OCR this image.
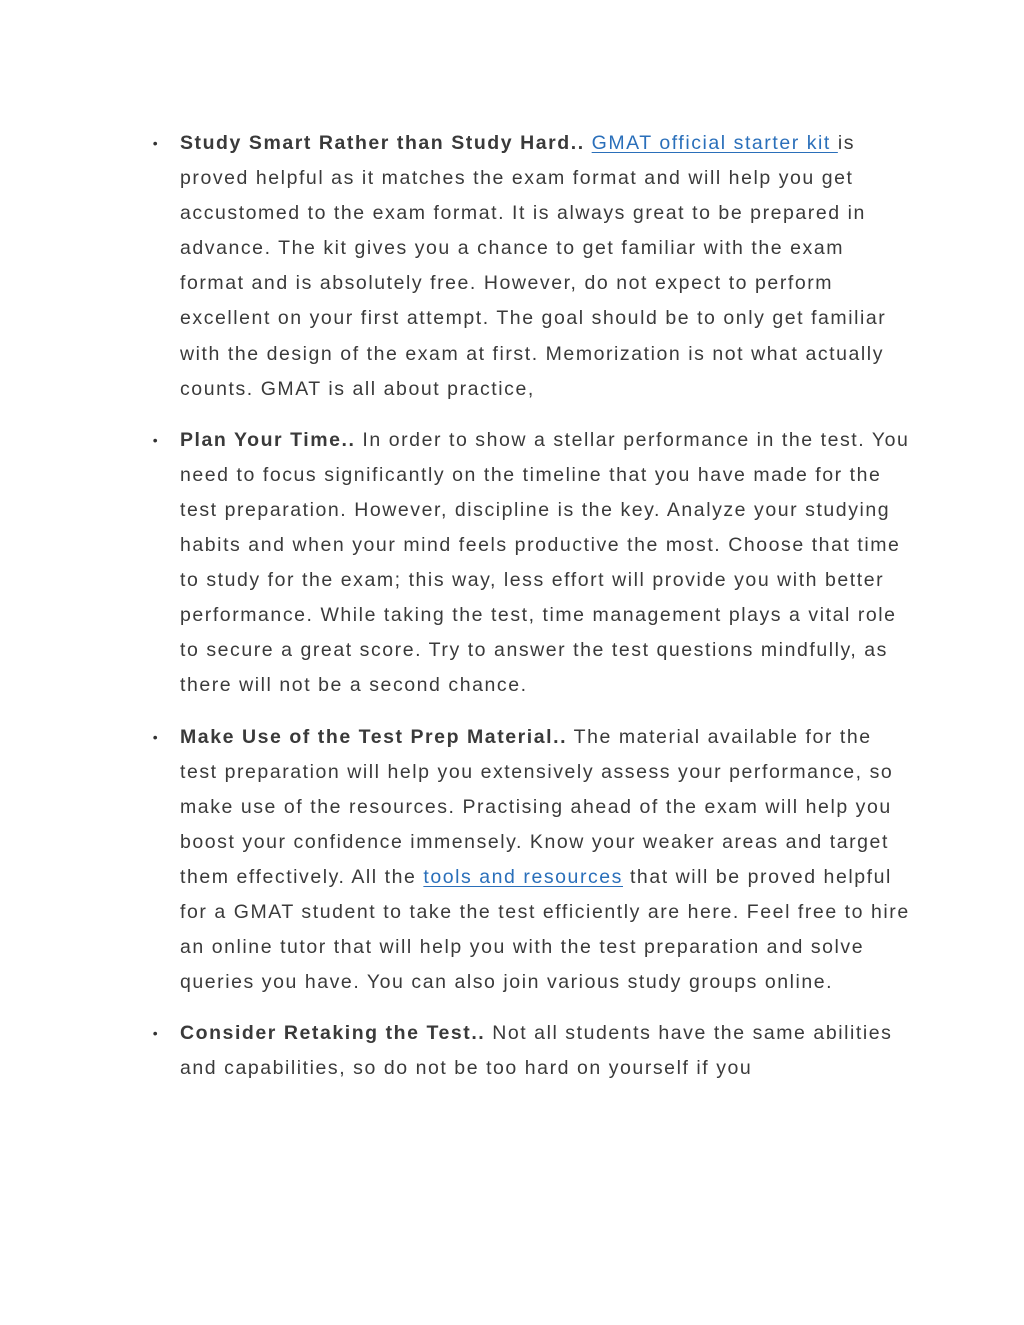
• Study Smart Rather than Study Hard.. GMAT official starter kit is proved helpful as it matches the exam format and will help you get accustomed to the exam format. It is always great to be prepared in advance. The kit gives you a chance to get familiar with the exam format and is absolutely free. However, do not expect to perform excellent on your first attempt. The goal should be to only get familiar with the design of the exam at first. Memorization is not what actually counts. GMAT is all about practice,
• Plan Your Time.. In order to show a stellar performance in the test. You need to focus significantly on the timeline that you have made for the test preparation. However, discipline is the key. Analyze your studying habits and when your mind feels productive the most. Choose that time to study for the exam; this way, less effort will provide you with better performance. While taking the test, time management plays a vital role to secure a great score. Try to answer the test questions mindfully, as there will not be a second chance.
• Make Use of the Test Prep Material.. The material available for the test preparation will help you extensively assess your performance, so make use of the resources. Practising ahead of the exam will help you boost your confidence immensely. Know your weaker areas and target them effectively. All the tools and resources that will be proved helpful for a GMAT student to take the test efficiently are here. Feel free to hire an online tutor that will help you with the test preparation and solve queries you have. You can also join various study groups online.
• Consider Retaking the Test.. Not all students have the same abilities and capabilities, so do not be too hard on yourself if you
